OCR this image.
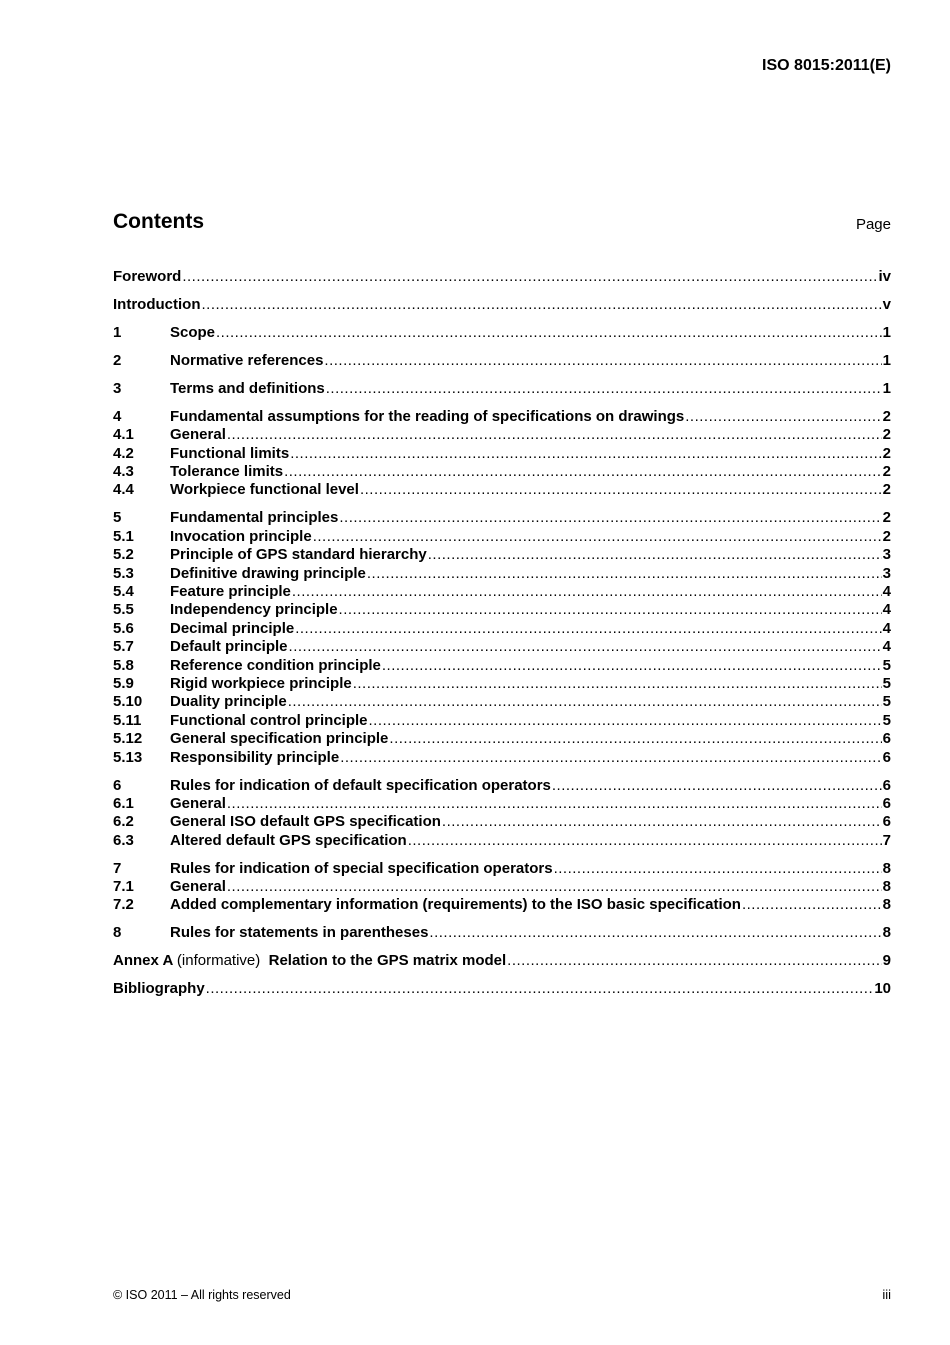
ISO 8015:2011(E)
Contents	Page
Foreword .....	iv
Introduction .....	v
1	Scope .....	1
2	Normative references .....	1
3	Terms and definitions .....	1
4	Fundamental assumptions for the reading of specifications on drawings .....	2
4.1	General .....	2
4.2	Functional limits .....	2
4.3	Tolerance limits .....	2
4.4	Workpiece functional level .....	2
5	Fundamental principles .....	2
5.1	Invocation principle .....	2
5.2	Principle of GPS standard hierarchy .....	3
5.3	Definitive drawing principle .....	3
5.4	Feature principle .....	4
5.5	Independency principle .....	4
5.6	Decimal principle .....	4
5.7	Default principle .....	4
5.8	Reference condition principle .....	5
5.9	Rigid workpiece principle .....	5
5.10	Duality principle .....	5
5.11	Functional control principle .....	5
5.12	General specification principle .....	6
5.13	Responsibility principle .....	6
6	Rules for indication of default specification operators .....	6
6.1	General .....	6
6.2	General ISO default GPS specification .....	6
6.3	Altered default GPS specification .....	7
7	Rules for indication of special specification operators .....	8
7.1	General .....	8
7.2	Added complementary information (requirements) to the ISO basic specification .....	8
8	Rules for statements in parentheses .....	8
Annex A (informative) Relation to the GPS matrix model .....	9
Bibliography .....	10
© ISO 2011 – All rights reserved	iii
